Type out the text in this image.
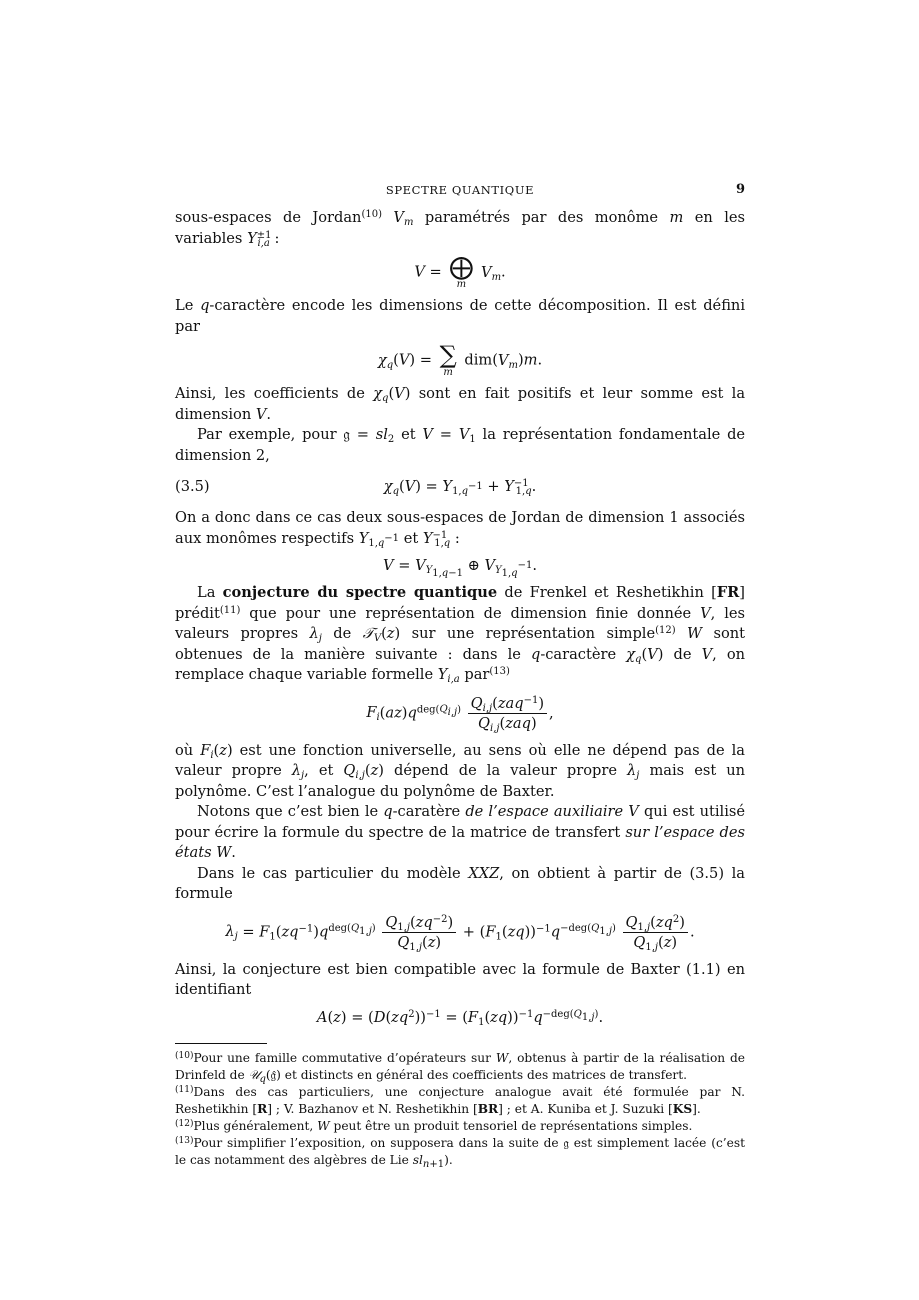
SPECTRE QUANTIQUE	9

sous-espaces de Jordan$^{(10)}$ $V_m$ paramétrés par des monôme m en les variables $Y^{\pm 1}_{i,a}$ :

V = ⨁
m
$V_m$.

Le q-caractère encode les dimensions de cette décomposition. Il est défini par

$\chi_q(V)$ = ∑
m
$dim(V_m)m$.

Ainsi, les coefficients de $\chi_q(V)$ sont en fait positifs et leur somme est la dimension V.

Par exemple, pour 𝔤 = $sl_2$ et $V = V_1$ la représentation fondamentale de dimension 2,

(3.5)	$\chi_q(V) = Y_{1,q^{-1}} + Y^{-1}_{1,q}$.

On a donc dans ce cas deux sous-espaces de Jordan de dimension 1 associés aux monômes respectifs $Y_{1,q^{-1}}$ et $Y^{-1}_{1,q}$ :

$V = V_{Y_{1,q-1}}$ ⊕ $V_{Y_{1,q}^{-1}}$.

La conjecture du spectre quantique de Frenkel et Reshetikhin [FR] prédit$^{(11)}$ que pour une représentation de dimension finie donnée V, les valeurs propres $\lambda_j$ de 𝒯$_V$(z) sur une représentation simple$^{(12)}$ W sont obtenues de la manière suivante : dans le q-caractère $\chi_q(V)$ de V, on remplace chaque variable formelle $Y_{i,a}$ par$^{(13)}$

$F_i(az)q^{deg(Q_{i,j})} \frac{Q_{i,j}(zaq^{-1})}{Q_{i,j}(zaq)}$ ,

où $F_i(z)$ est une fonction universelle, au sens où elle ne dépend pas de la valeur propre $\lambda_j$, et $Q_{i,j}(z)$ dépend de la valeur propre $\lambda_j$ mais est un polynôme. C’est l’analogue du polynôme de Baxter.

Notons que c’est bien le q-caratère de l’espace auxiliaire V qui est utilisé pour écrire la formule du spectre de la matrice de transfert sur l’espace des états W.

Dans le cas particulier du modèle XXZ, on obtient à partir de (3.5) la formule

$\lambda_j = F_1(zq^{-1})q^{deg(Q_{1,j})} \frac{Q_{1,j}(zq^{-2})}{Q_{1,j}(z)} + (F_1(zq))^{-1}q^{-deg(Q_{1,j})} \frac{Q_{1,j}(zq^2)}{Q_{1,j}(z)}$ .

Ainsi, la conjecture est bien compatible avec la formule de Baxter (1.1) en identifiant

$A(z) = (D(zq^2))^{-1} = (F_1(zq))^{-1}q^{-deg(Q_{1,j})}$.

$^{(10)}$Pour une famille commutative d’opérateurs sur W, obtenus à partir de la réalisation de Drinfeld de 𝒰$_q$(𝔤̂) et distincts en général des coefficients des matrices de transfert.

$^{(11)}$Dans des cas particuliers, une conjecture analogue avait été formulée par N. Reshetikhin [R] ; V. Bazhanov et N. Reshetikhin [BR] ; et A. Kuniba et J. Suzuki [KS].

$^{(12)}$Plus généralement, W peut être un produit tensoriel de représentations simples.

$^{(13)}$Pour simplifier l’exposition, on supposera dans la suite de 𝔤 est simplement lacée (c’est le cas notamment des algèbres de Lie $sl_{n+1}$).
